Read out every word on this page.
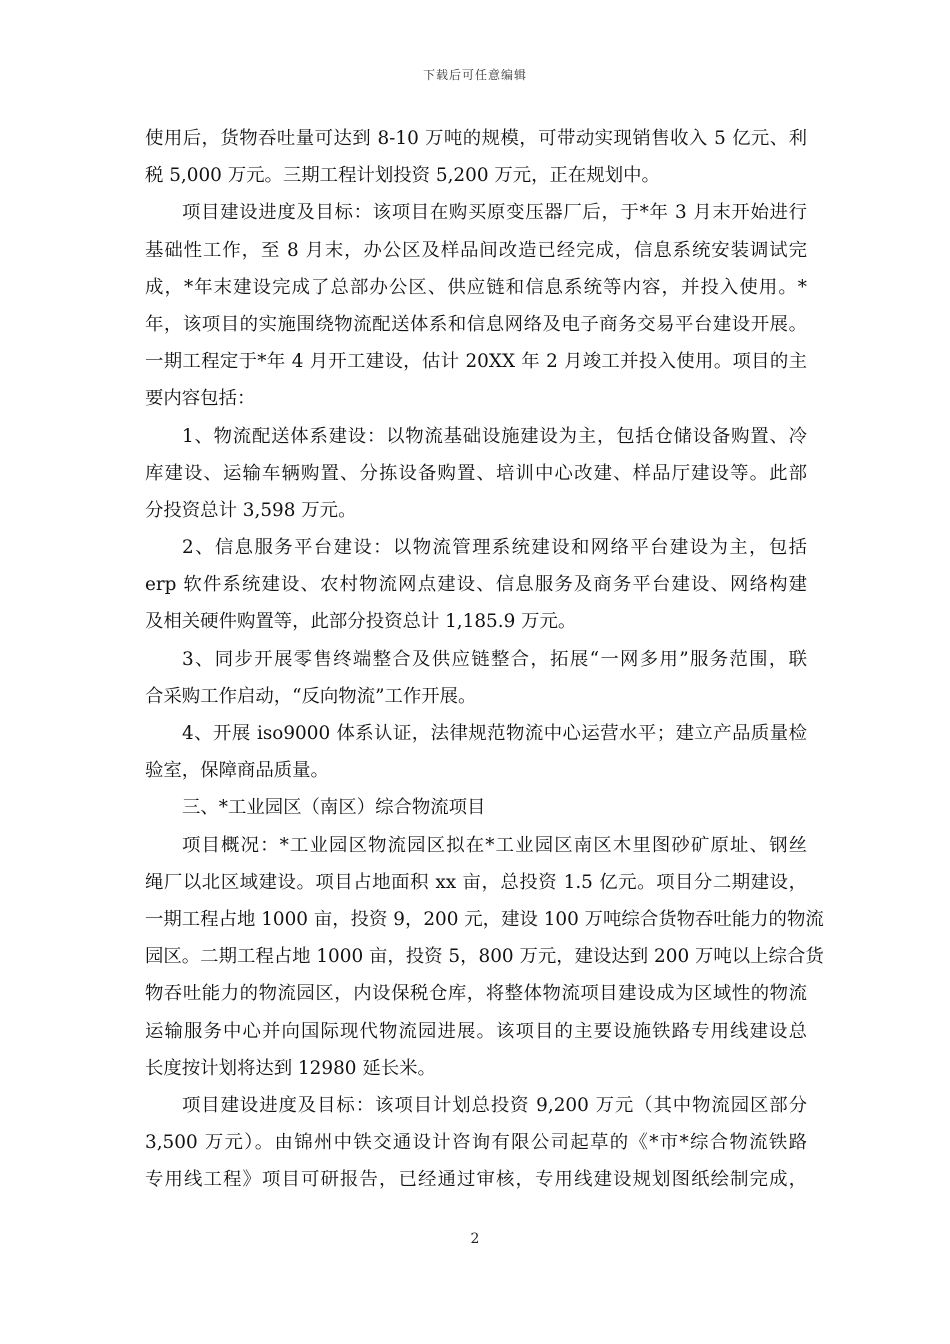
下载后可任意编辑
使用后，货物吞吐量可达到 8-10 万吨的规模，可带动实现销售收入 5 亿元、利
税 5,000 万元。三期工程计划投资 5,200 万元，正在规划中。
项目建设进度及目标：该项目在购买原变压器厂后，于*年 3 月末开始进行
基础性工作，至 8 月末，办公区及样品间改造已经完成，信息系统安装调试完
成，*年末建设完成了总部办公区、供应链和信息系统等内容，并投入使用。*
年，该项目的实施围绕物流配送体系和信息网络及电子商务交易平台建设开展。
一期工程定于*年 4 月开工建设，估计 20XX 年 2 月竣工并投入使用。项目的主
要内容包括：
1、物流配送体系建设：以物流基础设施建设为主，包括仓储设备购置、冷
库建设、运输车辆购置、分拣设备购置、培训中心改建、样品厅建设等。此部
分投资总计 3,598 万元。
2、信息服务平台建设：以物流管理系统建设和网络平台建设为主，包括
erp 软件系统建设、农村物流网点建设、信息服务及商务平台建设、网络构建
及相关硬件购置等，此部分投资总计 1,185.9 万元。
3、同步开展零售终端整合及供应链整合，拓展“一网多用”服务范围，联
合采购工作启动，“反向物流”工作开展。
4、开展 iso9000 体系认证，法律规范物流中心运营水平；建立产品质量检
验室，保障商品质量。
三、*工业园区（南区）综合物流项目
项目概况：*工业园区物流园区拟在*工业园区南区木里图砂矿原址、钢丝
绳厂以北区域建设。项目占地面积 xx 亩，总投资 1.5 亿元。项目分二期建设，
一期工程占地 1000 亩，投资 9，200 元，建设 100 万吨综合货物吞吐能力的物流
园区。二期工程占地 1000 亩，投资 5，800 万元，建设达到 200 万吨以上综合货
物吞吐能力的物流园区，内设保税仓库，将整体物流项目建设成为区域性的物流
运输服务中心并向国际现代物流园进展。该项目的主要设施铁路专用线建设总
长度按计划将达到 12980 延长米。
项目建设进度及目标：该项目计划总投资 9,200 万元（其中物流园区部分
3,500 万元）。由锦州中铁交通设计咨询有限公司起草的《*市*综合物流铁路
专用线工程》项目可研报告，已经通过审核，专用线建设规划图纸绘制完成，
2
